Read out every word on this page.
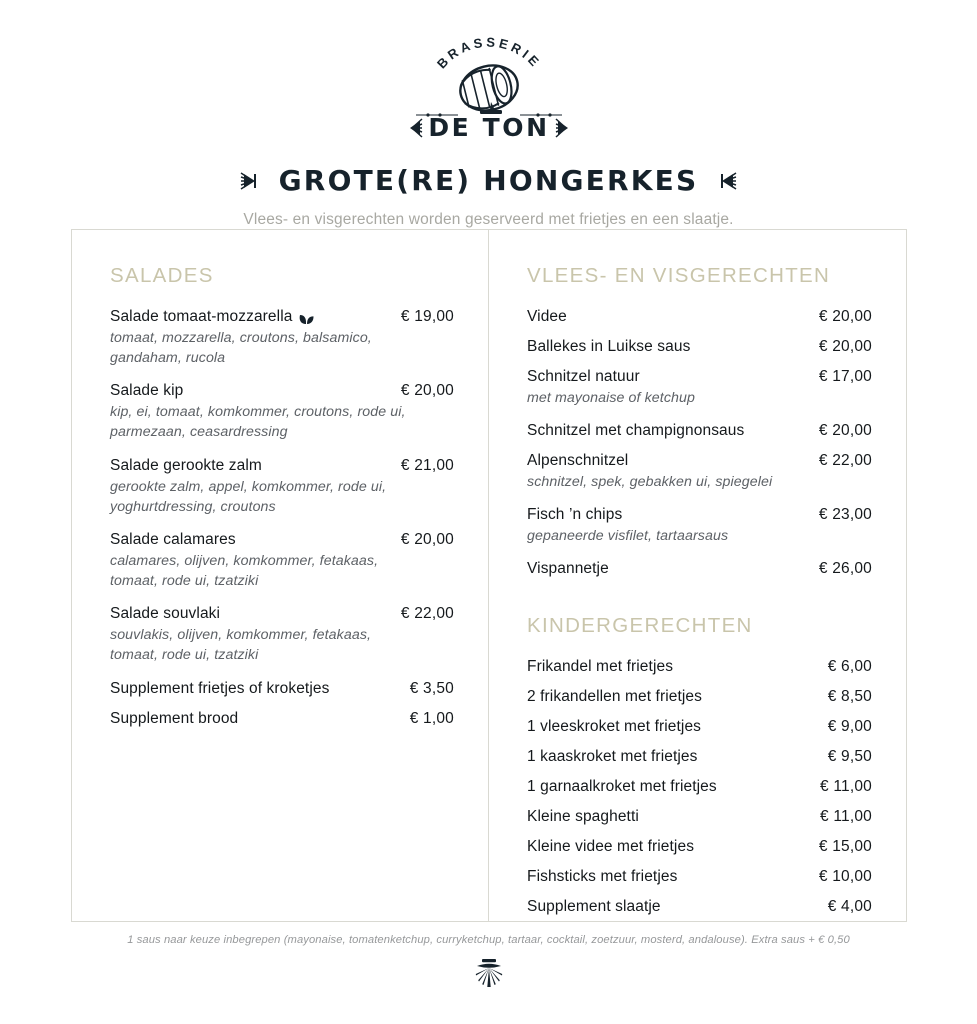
BRASSERIE
DE TON
GROTE(RE) HONGERKES
Vlees- en visgerechten worden geserveerd met frietjes en een slaatje.
SALADES
Salade tomaat-mozzarella	€ 19,00
tomaat, mozzarella, croutons, balsamico, gandaham, rucola
Salade kip	€ 20,00
kip, ei, tomaat, komkommer, croutons, rode ui, parmezaan, ceasardressing
Salade gerookte zalm	€ 21,00
gerookte zalm, appel, komkommer, rode ui, yoghurtdressing, croutons
Salade calamares	€ 20,00
calamares, olijven, komkommer, fetakaas, tomaat, rode ui, tzatziki
Salade souvlaki	€ 22,00
souvlakis, olijven, komkommer, fetakaas, tomaat, rode ui, tzatziki
Supplement frietjes of kroketjes	€ 3,50
Supplement brood	€ 1,00
VLEES- EN VISGERECHTEN
Videe	€ 20,00
Ballekes in Luikse saus	€ 20,00
Schnitzel natuur	€ 17,00
met mayonaise of ketchup
Schnitzel met champignonsaus	€ 20,00
Alpenschnitzel	€ 22,00
schnitzel, spek, gebakken ui, spiegelei
Fisch ’n chips	€ 23,00
gepaneerde visfilet, tartaarsaus
Vispannetje	€ 26,00
KINDERGERECHTEN
Frikandel met frietjes	€ 6,00
2 frikandellen met frietjes	€ 8,50
1 vleeskroket met frietjes	€ 9,00
1 kaaskroket met frietjes	€ 9,50
1 garnaalkroket met frietjes	€ 11,00
Kleine spaghetti	€ 11,00
Kleine videe met frietjes	€ 15,00
Fishsticks met frietjes	€ 10,00
Supplement slaatje	€ 4,00
1 saus naar keuze inbegrepen (mayonaise, tomatenketchup, curryketchup, tartaar, cocktail, zoetzuur, mosterd, andalouse). Extra saus + € 0,50
